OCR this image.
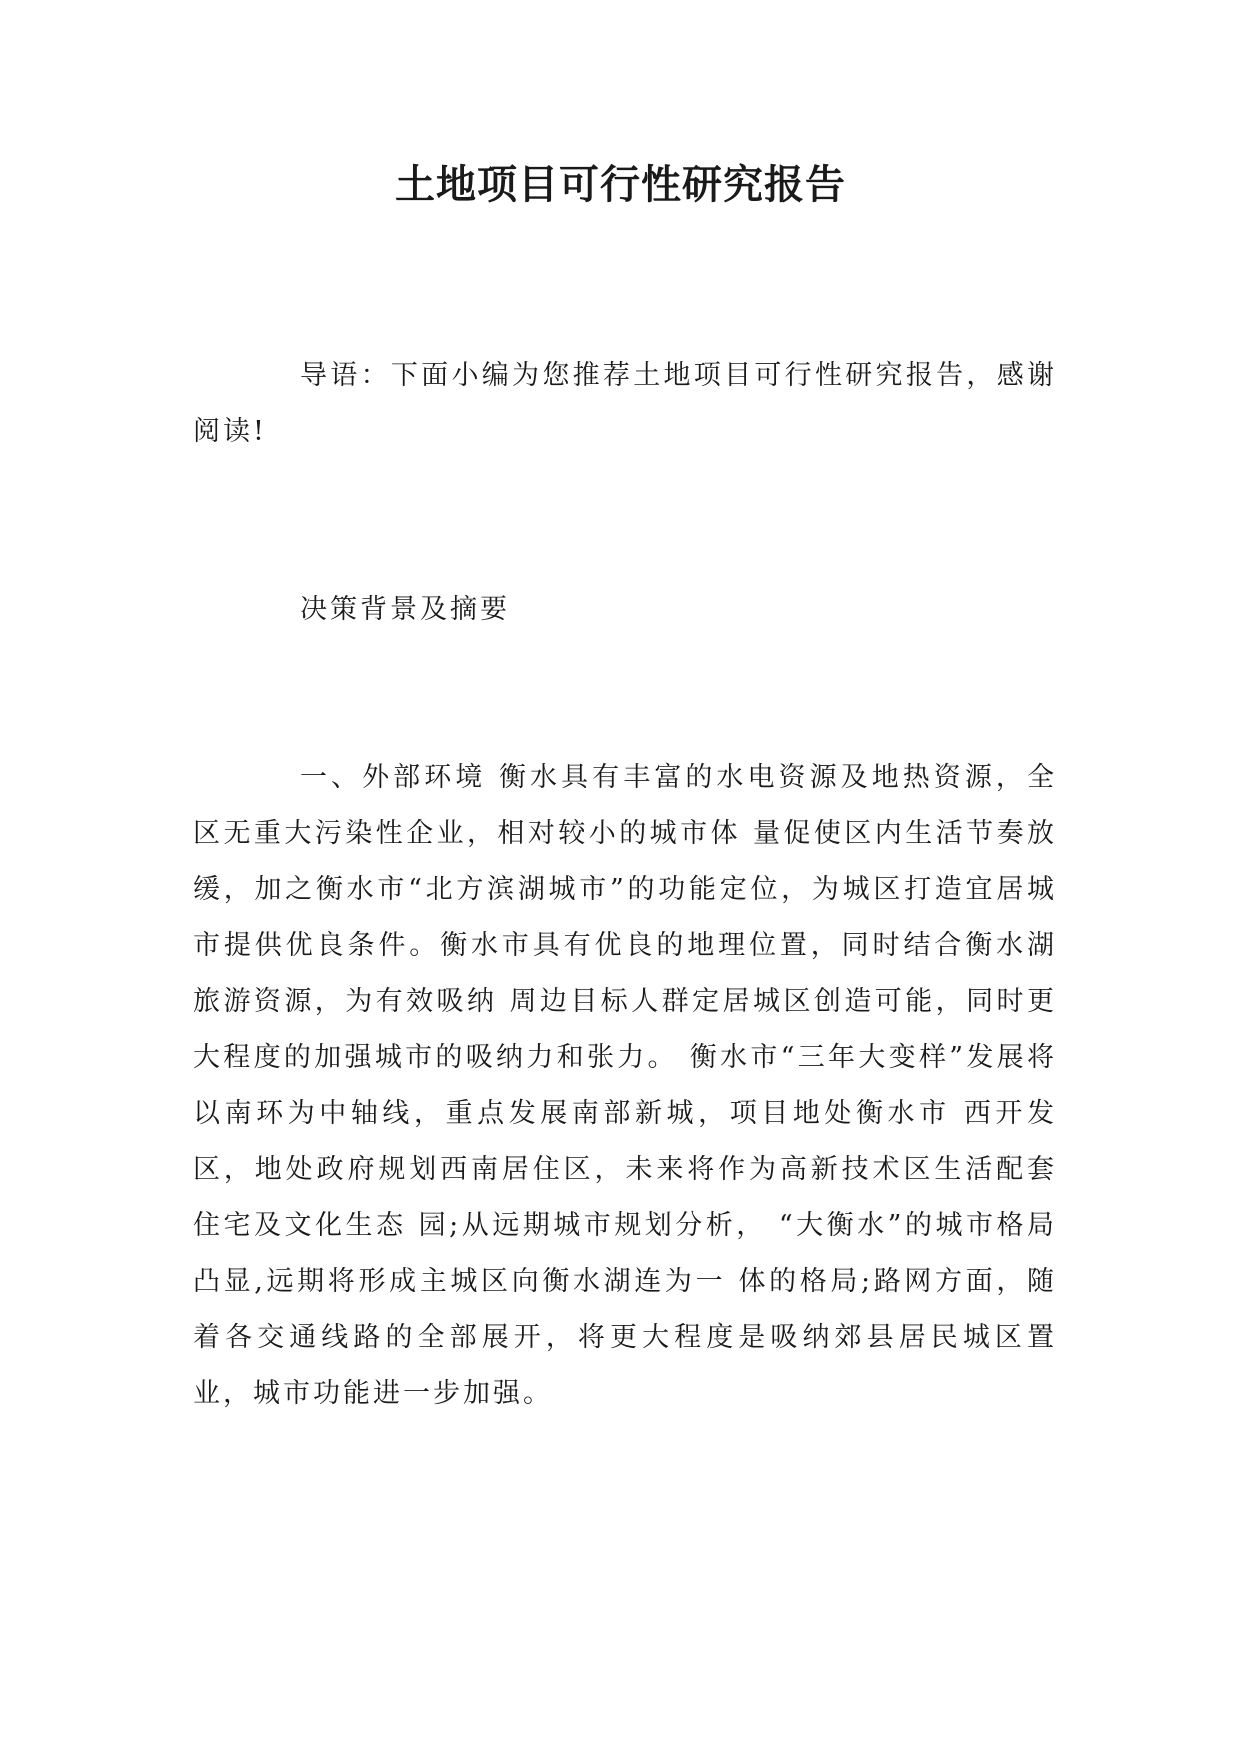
土地项目可行性研究报告

导语：下面小编为您推荐土地项目可行性研究报告，感谢阅读!

决策背景及摘要

一、外部环境 衡水具有丰富的水电资源及地热资源，全区无重大污染性企业，相对较小的城市体 量促使区内生活节奏放缓，加之衡水市“北方滨湖城市”的功能定位，为城区打造宜居城 市提供优良条件。衡水市具有优良的地理位置，同时结合衡水湖旅游资源，为有效吸纳 周边目标人群定居城区创造可能，同时更大程度的加强城市的吸纳力和张力。 衡水市“三年大变样”发展将以南环为中轴线，重点发展南部新城，项目地处衡水市 西开发区，地处政府规划西南居住区，未来将作为高新技术区生活配套住宅及文化生态 园;从远期城市规划分析， “大衡水”的城市格局凸显,远期将形成主城区向衡水湖连为一 体的格局;路网方面，随着各交通线路的全部展开，将更大程度是吸纳郊县居民城区置 业，城市功能进一步加强。
